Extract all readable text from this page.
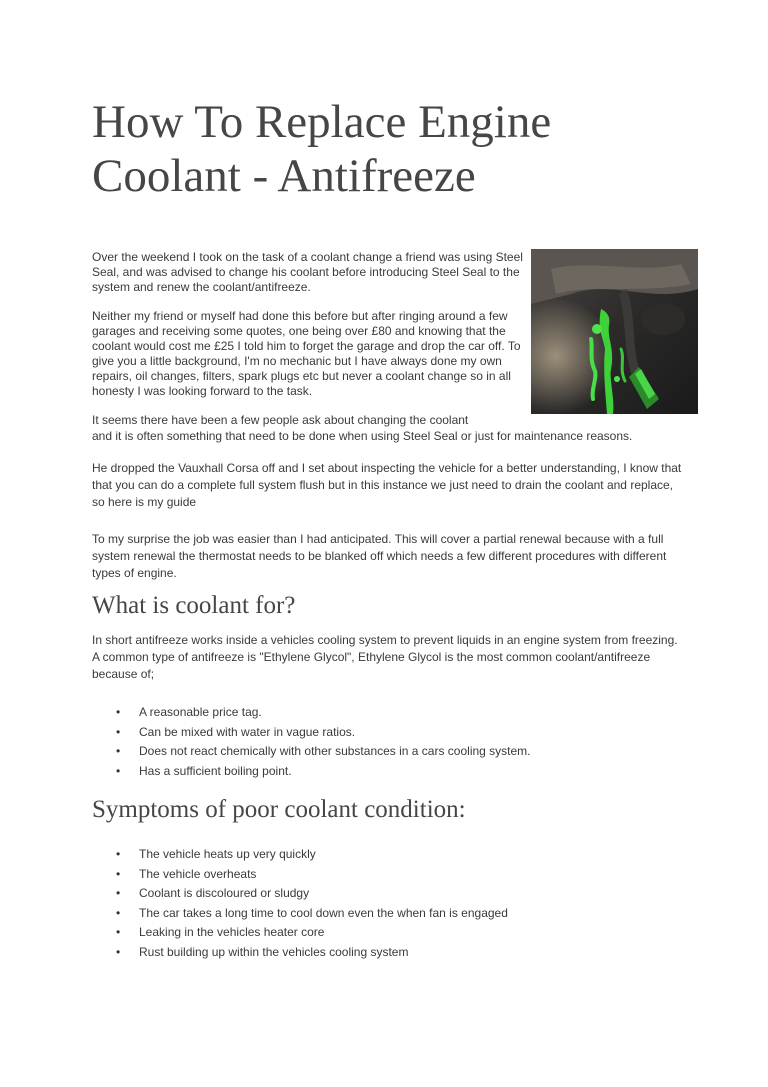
How To Replace Engine Coolant - Antifreeze

Over the weekend I took on the task of a coolant change a friend was using Steel Seal, and was advised to change his coolant before introducing Steel Seal to the system and renew the coolant/antifreeze.

Neither my friend or myself had done this before but after ringing around a few garages and receiving some quotes, one being over £80 and knowing that the coolant would cost me £25 I told him to forget the garage and drop the car off. To give you a little background, I'm no mechanic but I have always done my own repairs, oil changes, filters, spark plugs etc but never a coolant change so in all honesty I was looking forward to the task.

It seems there have been a few people ask about changing the coolant

and it is often something that need to be done when using Steel Seal or just for maintenance reasons.

He dropped the Vauxhall Corsa off and I set about inspecting the vehicle for a better understanding, I know that that you can do a complete full system flush but in this instance we just need to drain the coolant and replace, so here is my guide

To my surprise the job was easier than I had anticipated. This will cover a partial renewal because with a full system renewal the thermostat needs to be blanked off which needs a few different procedures with different types of engine.

What is coolant for?

In short antifreeze works inside a vehicles cooling system to prevent liquids in an engine system from freezing. A common type of antifreeze is "Ethylene Glycol", Ethylene Glycol is the most common coolant/antifreeze because of;

• A reasonable price tag.
• Can be mixed with water in vague ratios.
• Does not react chemically with other substances in a cars cooling system.
• Has a sufficient boiling point.
Symptoms of poor coolant condition:
• The vehicle heats up very quickly
• The vehicle overheats
• Coolant is discoloured or sludgy
• The car takes a long time to cool down even the when fan is engaged
• Leaking in the vehicles heater core
• Rust building up within the vehicles cooling system
